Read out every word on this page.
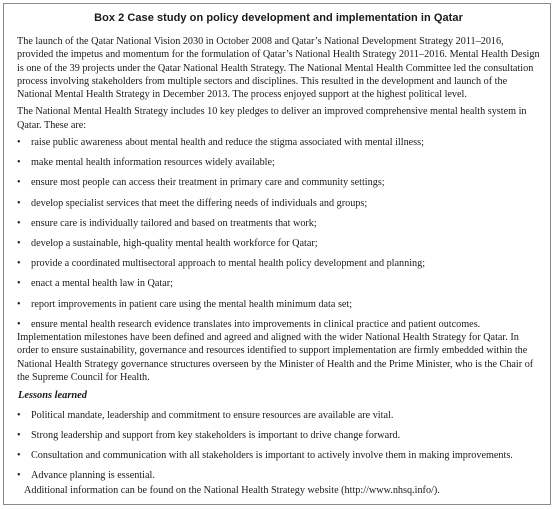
Box 2 Case study on policy development and implementation in Qatar

The launch of the Qatar National Vision 2030 in October 2008 and Qatar’s National Development Strategy 2011–2016, provided the impetus and momentum for the formulation of Qatar’s National Health Strategy 2011–2016. Mental Health Design is one of the 39 projects under the Qatar National Health Strategy. The National Mental Health Committee led the consultation process involving stakeholders from multiple sectors and disciplines. This resulted in the development and launch of the National Mental Health Strategy in December 2013. The process enjoyed support at the highest political level.

The National Mental Health Strategy includes 10 key pledges to deliver an improved comprehensive mental health system in Qatar. These are:

• raise public awareness about mental health and reduce the stigma associated with mental illness;
• make mental health information resources widely available;
• ensure most people can access their treatment in primary care and community settings;
• develop specialist services that meet the differing needs of individuals and groups;
• ensure care is individually tailored and based on treatments that work;
• develop a sustainable, high-quality mental health workforce for Qatar;
• provide a coordinated multisectoral approach to mental health policy development and planning;
• enact a mental health law in Qatar;
• report improvements in patient care using the mental health minimum data set;
• ensure mental health research evidence translates into improvements in clinical practice and patient outcomes.

Implementation milestones have been defined and agreed and aligned with the wider National Health Strategy for Qatar. In order to ensure sustainability, governance and resources identified to support implementation are firmly embedded within the National Health Strategy governance structures overseen by the Minister of Health and the Prime Minister, who is the Chair of the Supreme Council for Health.

Lessons learned
• Political mandate, leadership and commitment to ensure resources are available are vital.
• Strong leadership and support from key stakeholders is important to drive change forward.
• Consultation and communication with all stakeholders is important to actively involve them in making improvements.
• Advance planning is essential.

Additional information can be found on the National Health Strategy website (http://www.nhsq.info/).
